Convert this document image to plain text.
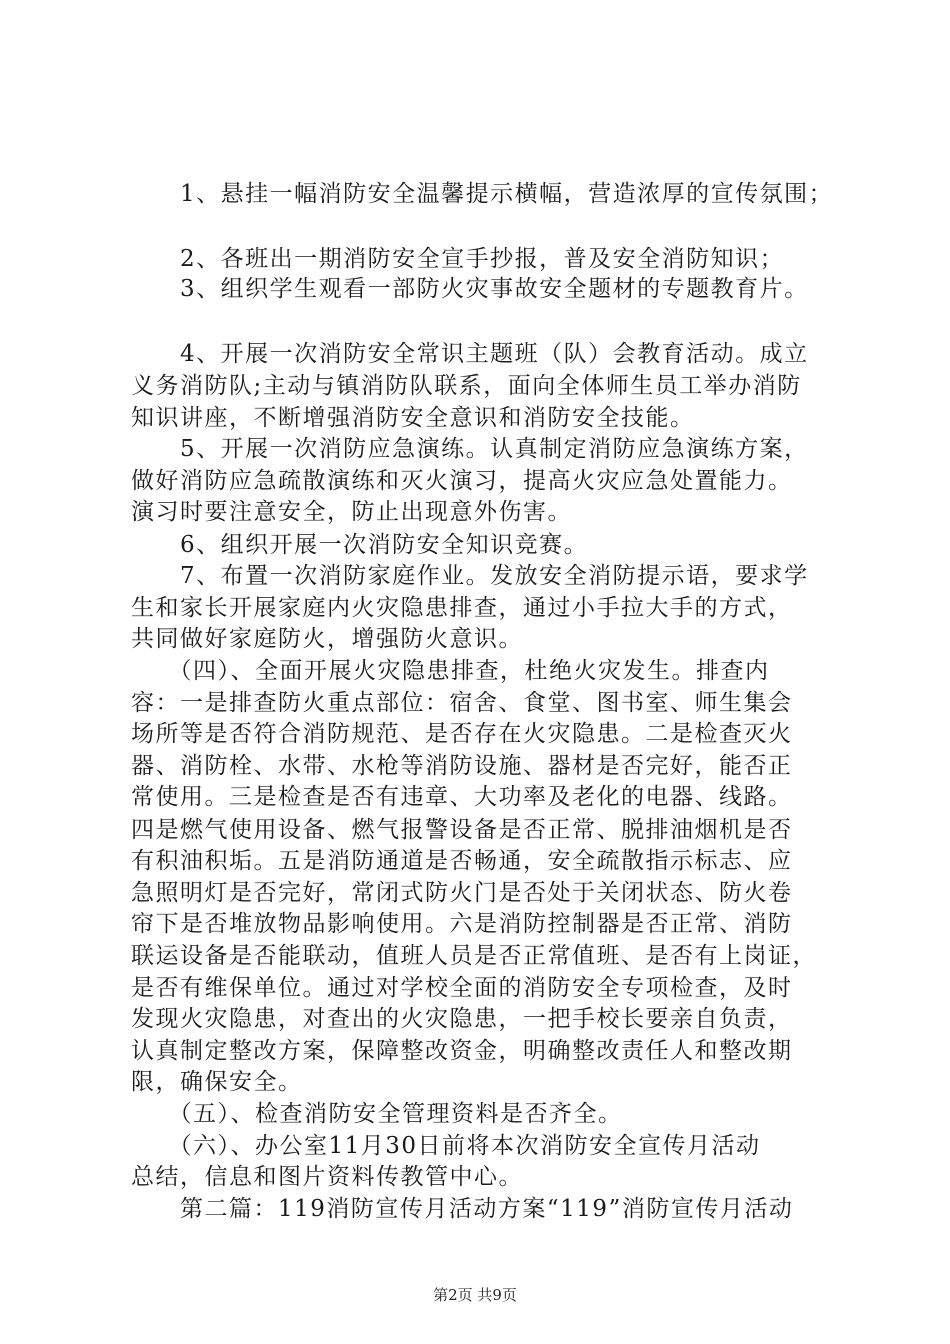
　　1、悬挂一幅消防安全温馨提示横幅，营造浓厚的宣传氛围；
　　2、各班出一期消防安全宣手抄报，普及安全消防知识；
　　3、组织学生观看一部防火灾事故安全题材的专题教育片。
　　4、开展一次消防安全常识主题班（队）会教育活动。成立
义务消防队;主动与镇消防队联系，面向全体师生员工举办消防
知识讲座，不断增强消防安全意识和消防安全技能。
　　5、开展一次消防应急演练。认真制定消防应急演练方案，
做好消防应急疏散演练和灭火演习，提高火灾应急处置能力。
演习时要注意安全，防止出现意外伤害。
　　6、组织开展一次消防安全知识竞赛。
　　7、布置一次消防家庭作业。发放安全消防提示语，要求学
生和家长开展家庭内火灾隐患排查，通过小手拉大手的方式，
共同做好家庭防火，增强防火意识。
　　（四）、全面开展火灾隐患排查，杜绝火灾发生。排查内
容：一是排查防火重点部位：宿舍、食堂、图书室、师生集会
场所等是否符合消防规范、是否存在火灾隐患。二是检查灭火
器、消防栓、水带、水枪等消防设施、器材是否完好，能否正
常使用。三是检查是否有违章、大功率及老化的电器、线路。
四是燃气使用设备、燃气报警设备是否正常、脱排油烟机是否
有积油积垢。五是消防通道是否畅通，安全疏散指示标志、应
急照明灯是否完好，常闭式防火门是否处于关闭状态、防火卷
帘下是否堆放物品影响使用。六是消防控制器是否正常、消防
联运设备是否能联动，值班人员是否正常值班、是否有上岗证，
是否有维保单位。通过对学校全面的消防安全专项检查，及时
发现火灾隐患，对查出的火灾隐患，一把手校长要亲自负责，
认真制定整改方案，保障整改资金，明确整改责任人和整改期
限，确保安全。
　　（五）、检查消防安全管理资料是否齐全。
　　（六）、办公室11月30日前将本次消防安全宣传月活动
总结，信息和图片资料传教管中心。
　　第二篇：119消防宣传月活动方案“119”消防宣传月活动
第2页 共9页
